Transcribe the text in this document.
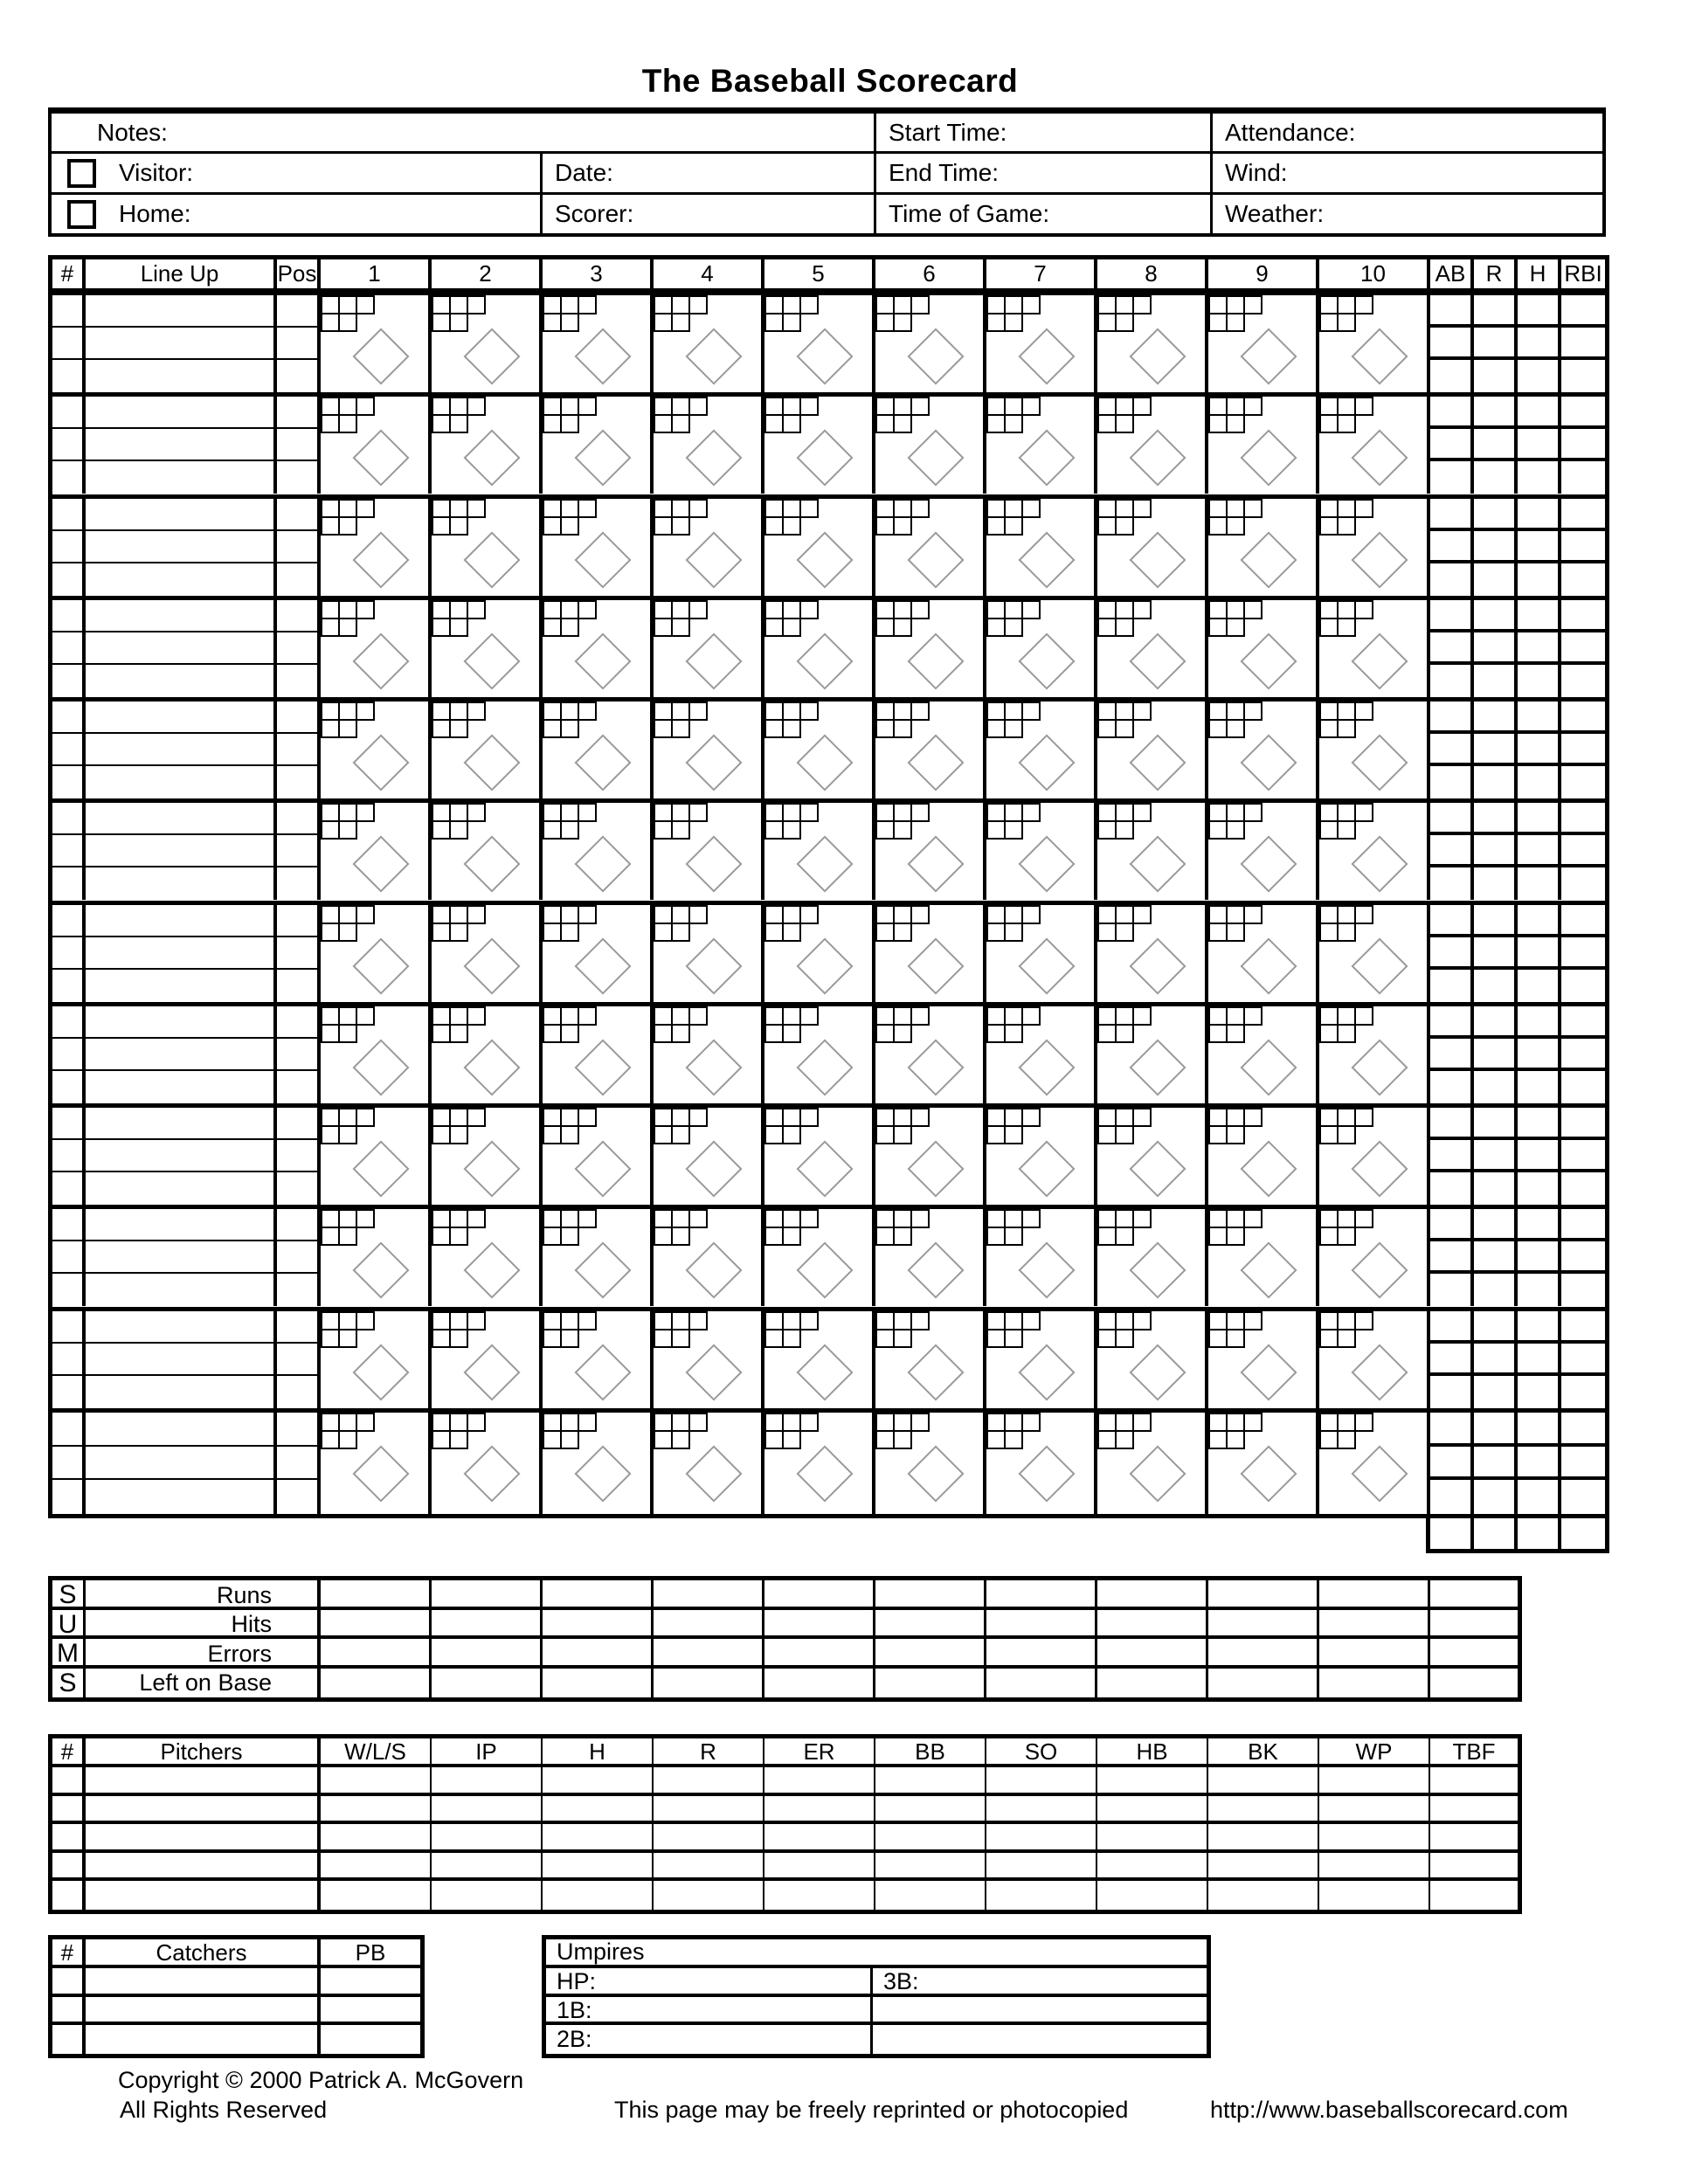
The Baseball Scorecard
Notes:	Start Time:	Attendance:
Visitor:	Date:	End Time:	Wind:
Home:	Scorer:	Time of Game:	Weather:
#	Line Up	Pos	1	2	3	4	5	6	7	8	9	10	AB R	H RBI
S	Runs
U	Hits
M	Errors
S	Left on Base
#	Pitchers	W/L/S	IP	H	R	ER	BB	SO	HB	BK	WP	TBF
#	Catchers	PB	Umpires
HP:	3B:
1B:
2B:
Copyright © 2000 Patrick A. McGovern
All Rights Reserved	This page may be freely reprinted or photocopied	http://www.baseballscorecard.com
